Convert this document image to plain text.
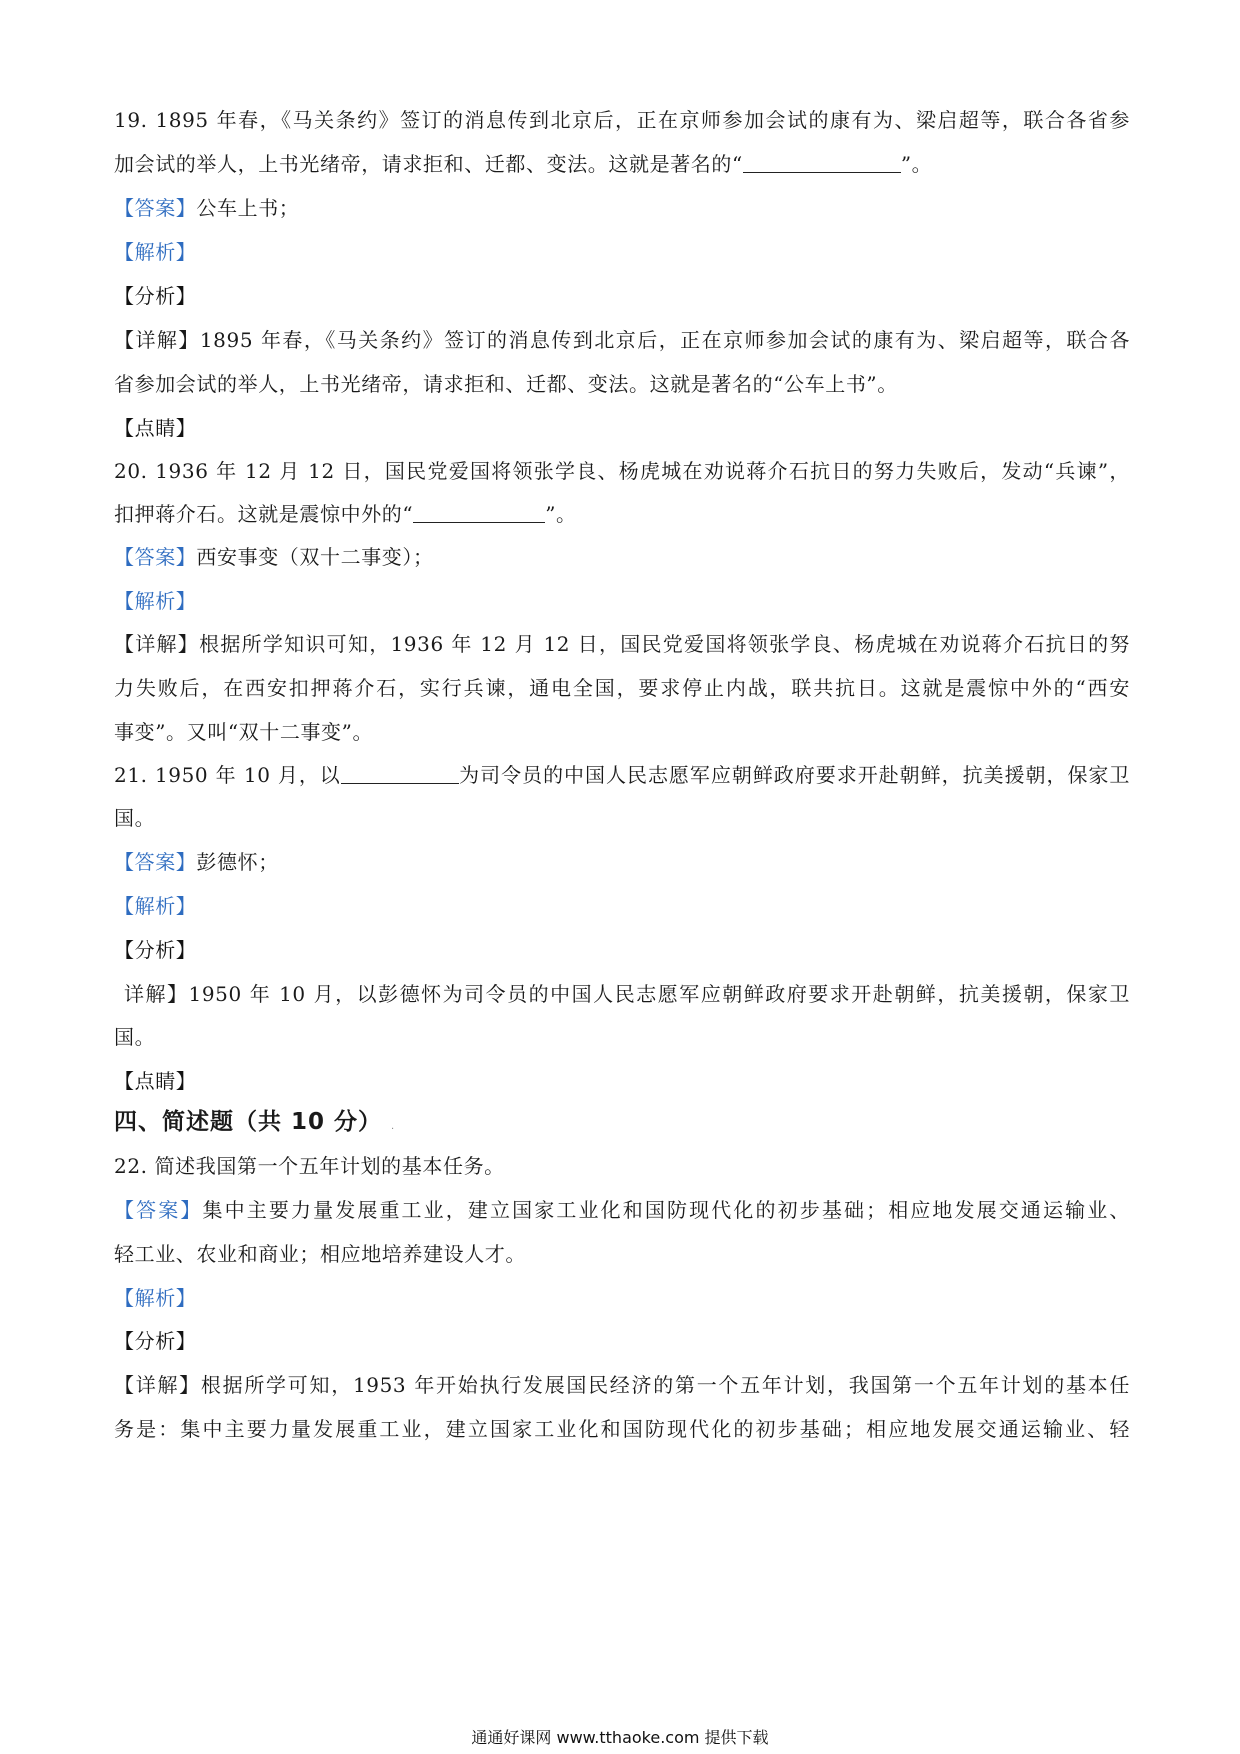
19. 1895 年春，《马关条约》签订的消息传到北京后，正在京师参加会试的康有为、梁启超等，联合各省参
加会试的举人，上书光绪帝，请求拒和、迁都、变法。这就是著名的“	”。
【答案】公车上书；
【解析】
【分析】
【详解】1895 年春，《马关条约》签订的消息传到北京后，正在京师参加会试的康有为、梁启超等，联合各
省参加会试的举人，上书光绪帝，请求拒和、迁都、变法。这就是著名的“公车上书”。
【点睛】
20. 1936 年 12 月 12 日，国民党爱国将领张学良、杨虎城在劝说蒋介石抗日的努力失败后，发动“兵谏”，
扣押蒋介石。这就是震惊中外的“	”。
【答案】西安事变（双十二事变）；
【解析】
【详解】根据所学知识可知，1936 年 12 月 12 日，国民党爱国将领张学良、杨虎城在劝说蒋介石抗日的努
力失败后，在西安扣押蒋介石，实行兵谏，通电全国，要求停止内战，联共抗日。这就是震惊中外的“西安
事变”。又叫“双十二事变”。
21. 1950 年 10 月，以	为司令员的中国人民志愿军应朝鲜政府要求开赴朝鲜，抗美援朝，保家卫
国。
【答案】彭德怀；
【解析】
【分析】
详解】1950 年 10 月，以彭德怀为司令员的中国人民志愿军应朝鲜政府要求开赴朝鲜，抗美援朝，保家卫
国。
【点睛】
四、简述题（共 10 分） .
22. 简述我国第一个五年计划的基本任务。
【答案】集中主要力量发展重工业，建立国家工业化和国防现代化的初步基础；相应地发展交通运输业、
轻工业、农业和商业；相应地培养建设人才。
【解析】
【分析】
【详解】根据所学可知，1953 年开始执行发展国民经济的第一个五年计划，我国第一个五年计划的基本任
务是：集中主要力量发展重工业，建立国家工业化和国防现代化的初步基础；相应地发展交通运输业、轻
通通好课网 www.tthaoke.com 提供下载
